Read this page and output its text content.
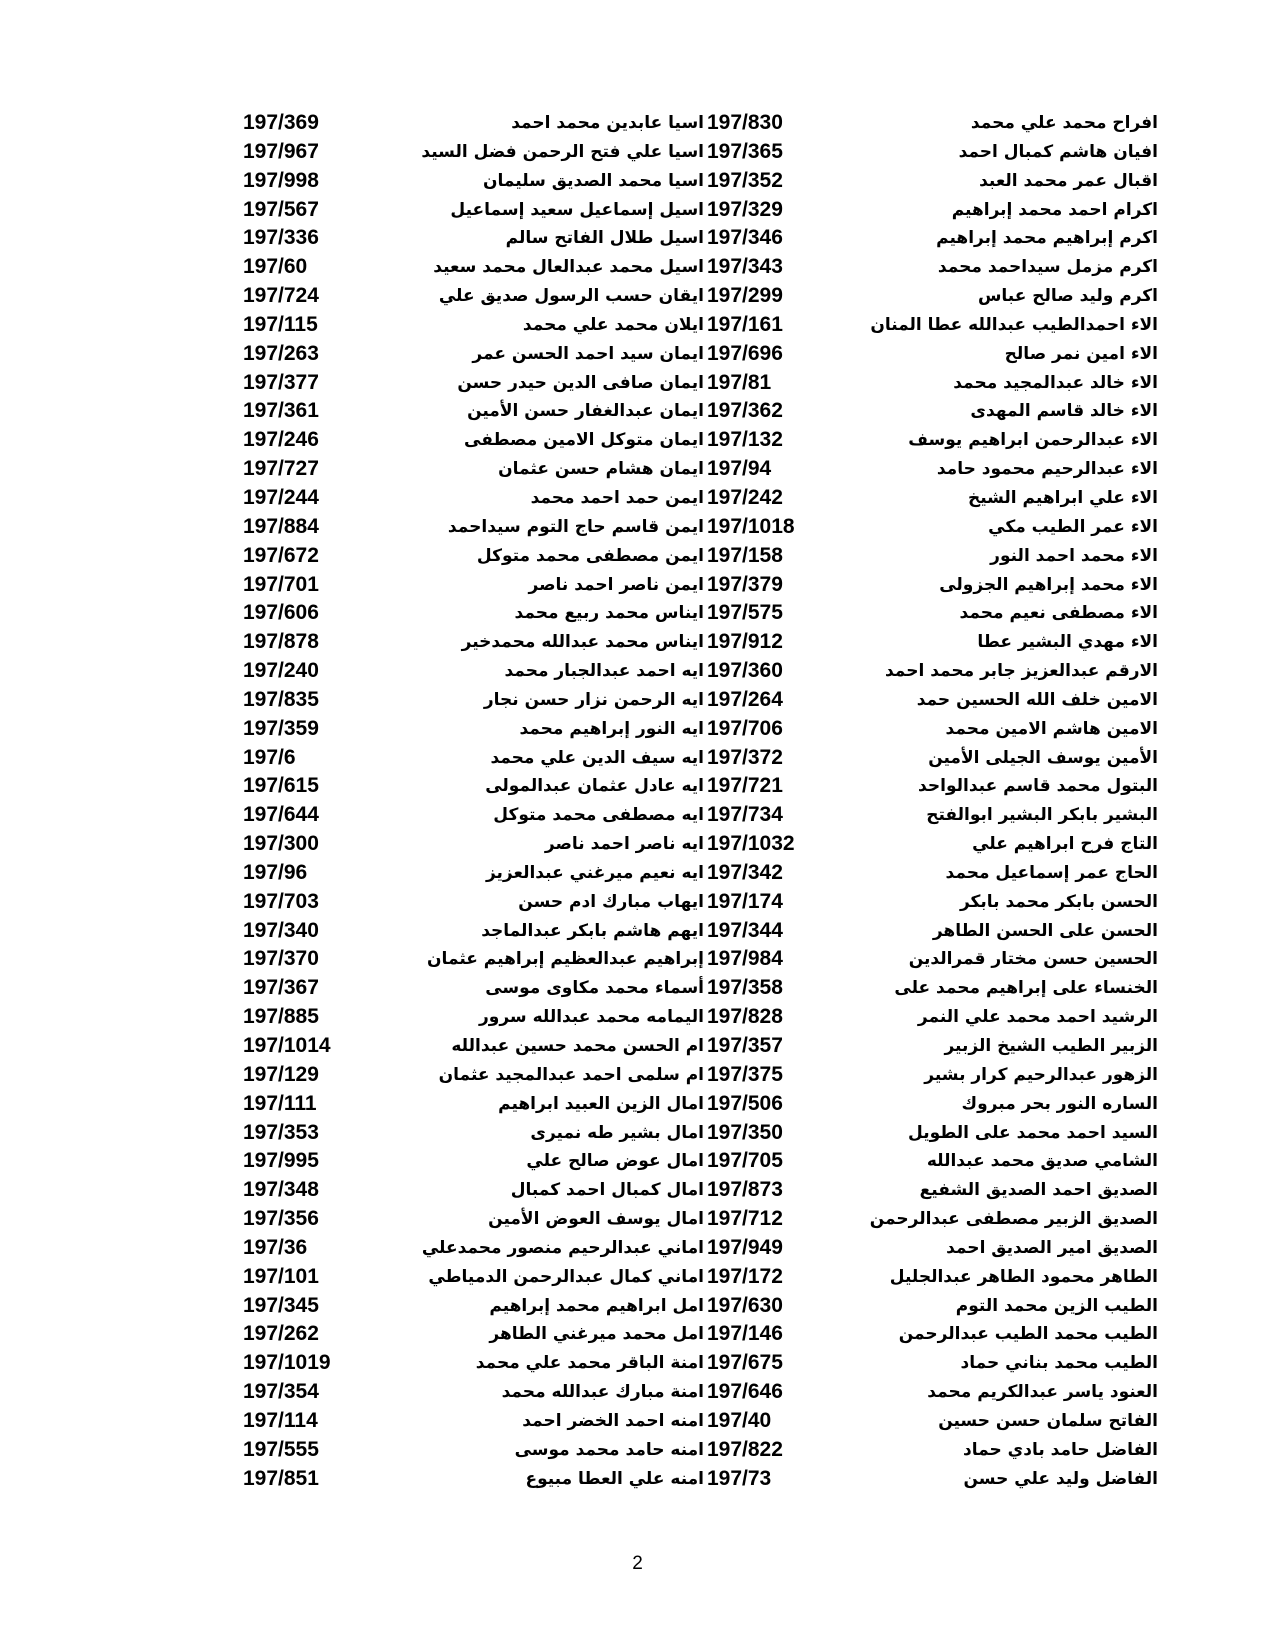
افراح محمد علي محمد
197/830
اسيا عابدين محمد احمد
197/369
افيان هاشم كمبال احمد
197/365
اسيا علي فتح الرحمن فضل السيد
197/967
اقبال عمر محمد العبد
197/352
اسيا محمد الصديق سليمان
197/998
اكرام احمد محمد إبراهيم
197/329
اسيل إسماعيل سعيد إسماعيل
197/567
اكرم إبراهيم محمد إبراهيم
197/346
اسيل طلال الفاتح سالم
197/336
اكرم مزمل سيداحمد محمد
197/343
اسيل محمد عبدالعال محمد سعيد
197/60
اكرم وليد صالح عباس
197/299
ايقان حسب الرسول صديق علي
197/724
الاء احمدالطيب عبدالله عطا المنان
197/161
ايلان محمد علي محمد
197/115
الاء امين نمر صالح
197/696
ايمان سيد احمد الحسن عمر
197/263
الاء خالد عبدالمجيد محمد
197/81
ايمان صافى الدين حيدر حسن
197/377
الاء خالد قاسم المهدى
197/362
ايمان عبدالغفار حسن الأمين
197/361
الاء عبدالرحمن ابراهيم يوسف
197/132
ايمان متوكل الامين مصطفى
197/246
الاء عبدالرحيم محمود حامد
197/94
ايمان هشام حسن عثمان
197/727
الاء علي ابراهيم الشيخ
197/242
ايمن حمد احمد محمد
197/244
الاء عمر الطيب مكي
197/1018
ايمن قاسم حاج التوم سيداحمد
197/884
الاء محمد احمد النور
197/158
ايمن مصطفى محمد متوكل
197/672
الاء محمد إبراهيم الجزولى
197/379
ايمن ناصر احمد ناصر
197/701
الاء مصطفى نعيم محمد
197/575
ايناس محمد ربيع محمد
197/606
الاء مهدي البشير عطا
197/912
ايناس محمد عبدالله محمدخير
197/878
الارقم عبدالعزيز جابر محمد احمد
197/360
ايه احمد عبدالجبار محمد
197/240
الامين خلف الله الحسين حمد
197/264
ايه الرحمن نزار حسن نجار
197/835
الامين هاشم الامين محمد
197/706
ايه النور إبراهيم محمد
197/359
الأمين يوسف الجيلى الأمين
197/372
ايه سيف الدين علي محمد
197/6
البتول محمد قاسم عبدالواحد
197/721
ايه عادل عثمان عبدالمولى
197/615
البشير بابكر البشير ابوالفتح
197/734
ايه مصطفى محمد متوكل
197/644
التاج فرح ابراهيم علي
197/1032
ايه ناصر احمد ناصر
197/300
الحاج عمر إسماعيل محمد
197/342
ايه نعيم ميرغني عبدالعزيز
197/96
الحسن بابكر محمد بابكر
197/174
ايهاب مبارك ادم حسن
197/703
الحسن على الحسن الطاهر
197/344
ايهم هاشم بابكر عبدالماجد
197/340
الحسين حسن مختار قمرالدين
197/984
إبراهيم عبدالعظيم إبراهيم عثمان
197/370
الخنساء على إبراهيم محمد على
197/358
أسماء محمد مكاوى موسى
197/367
الرشيد احمد محمد علي النمر
197/828
اليمامه محمد عبدالله سرور
197/885
الزبير الطيب الشيخ الزبير
197/357
ام الحسن محمد حسين عبدالله
197/1014
الزهور عبدالرحيم كرار بشير
197/375
ام سلمى احمد عبدالمجيد عثمان
197/129
الساره النور بحر مبروك
197/506
امال الزين العبيد ابراهيم
197/111
السيد احمد محمد على الطويل
197/350
امال بشير طه نميرى
197/353
الشامي صديق محمد عبدالله
197/705
امال عوض صالح علي
197/995
الصديق احمد الصديق الشفيع
197/873
امال كمبال احمد كمبال
197/348
الصديق الزبير مصطفى عبدالرحمن
197/712
امال يوسف العوض الأمين
197/356
الصديق امير الصديق احمد
197/949
اماني عبدالرحيم منصور محمدعلي
197/36
الطاهر محمود الطاهر عبدالجليل
197/172
اماني كمال عبدالرحمن الدمياطي
197/101
الطيب الزين محمد التوم
197/630
امل ابراهيم محمد إبراهيم
197/345
الطيب محمد الطيب عبدالرحمن
197/146
امل محمد ميرغني الطاهر
197/262
الطيب محمد بناني حماد
197/675
امنة الباقر محمد علي محمد
197/1019
العنود ياسر عبدالكريم محمد
197/646
امنة مبارك عبدالله محمد
197/354
الفاتح سلمان حسن حسين
197/40
امنه احمد الخضر احمد
197/114
الفاضل حامد بادي حماد
197/822
امنه حامد محمد موسى
197/555
الفاضل وليد علي حسن
197/73
امنه علي العطا مبيوع
197/851
2
